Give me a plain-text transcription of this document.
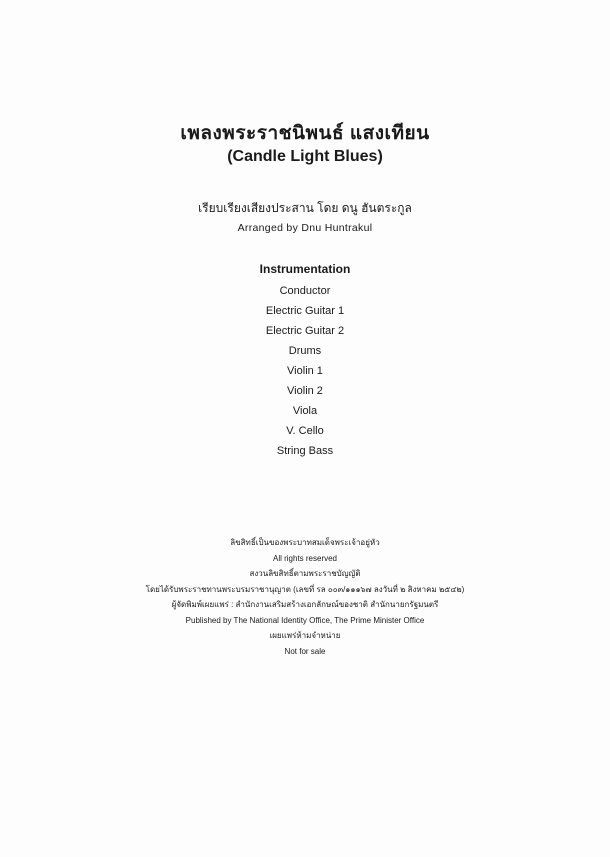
เพลงพระราชนิพนธ์ แสงเทียน
(Candle Light Blues)
เรียบเรียงเสียงประสาน โดย ดนู ฮันตระกูล
Arranged by Dnu Huntrakul
Instrumentation
Conductor
Electric Guitar 1
Electric Guitar 2
Drums
Violin 1
Violin 2
Viola
V. Cello
String Bass
ลิขสิทธิ์เป็นของพระบาทสมเด็จพระเจ้าอยู่หัว
All rights reserved
สงวนลิขสิทธิ์ตามพระราชบัญญัติ
โดยได้รับพระราชทานพระบรมราชานุญาต (เลขที่ รล ๐๐๓/๑๑๑๖๗ ลงวันที่ ๒ สิงหาคม ๒๕๔๒)
ผู้จัดพิมพ์เผยแพร่ : สำนักงานเสริมสร้างเอกลักษณ์ของชาติ สำนักนายกรัฐมนตรี
Published by The National Identity Office, The Prime Minister Office
เผยแพร่ห้ามจำหน่าย
Not for sale
